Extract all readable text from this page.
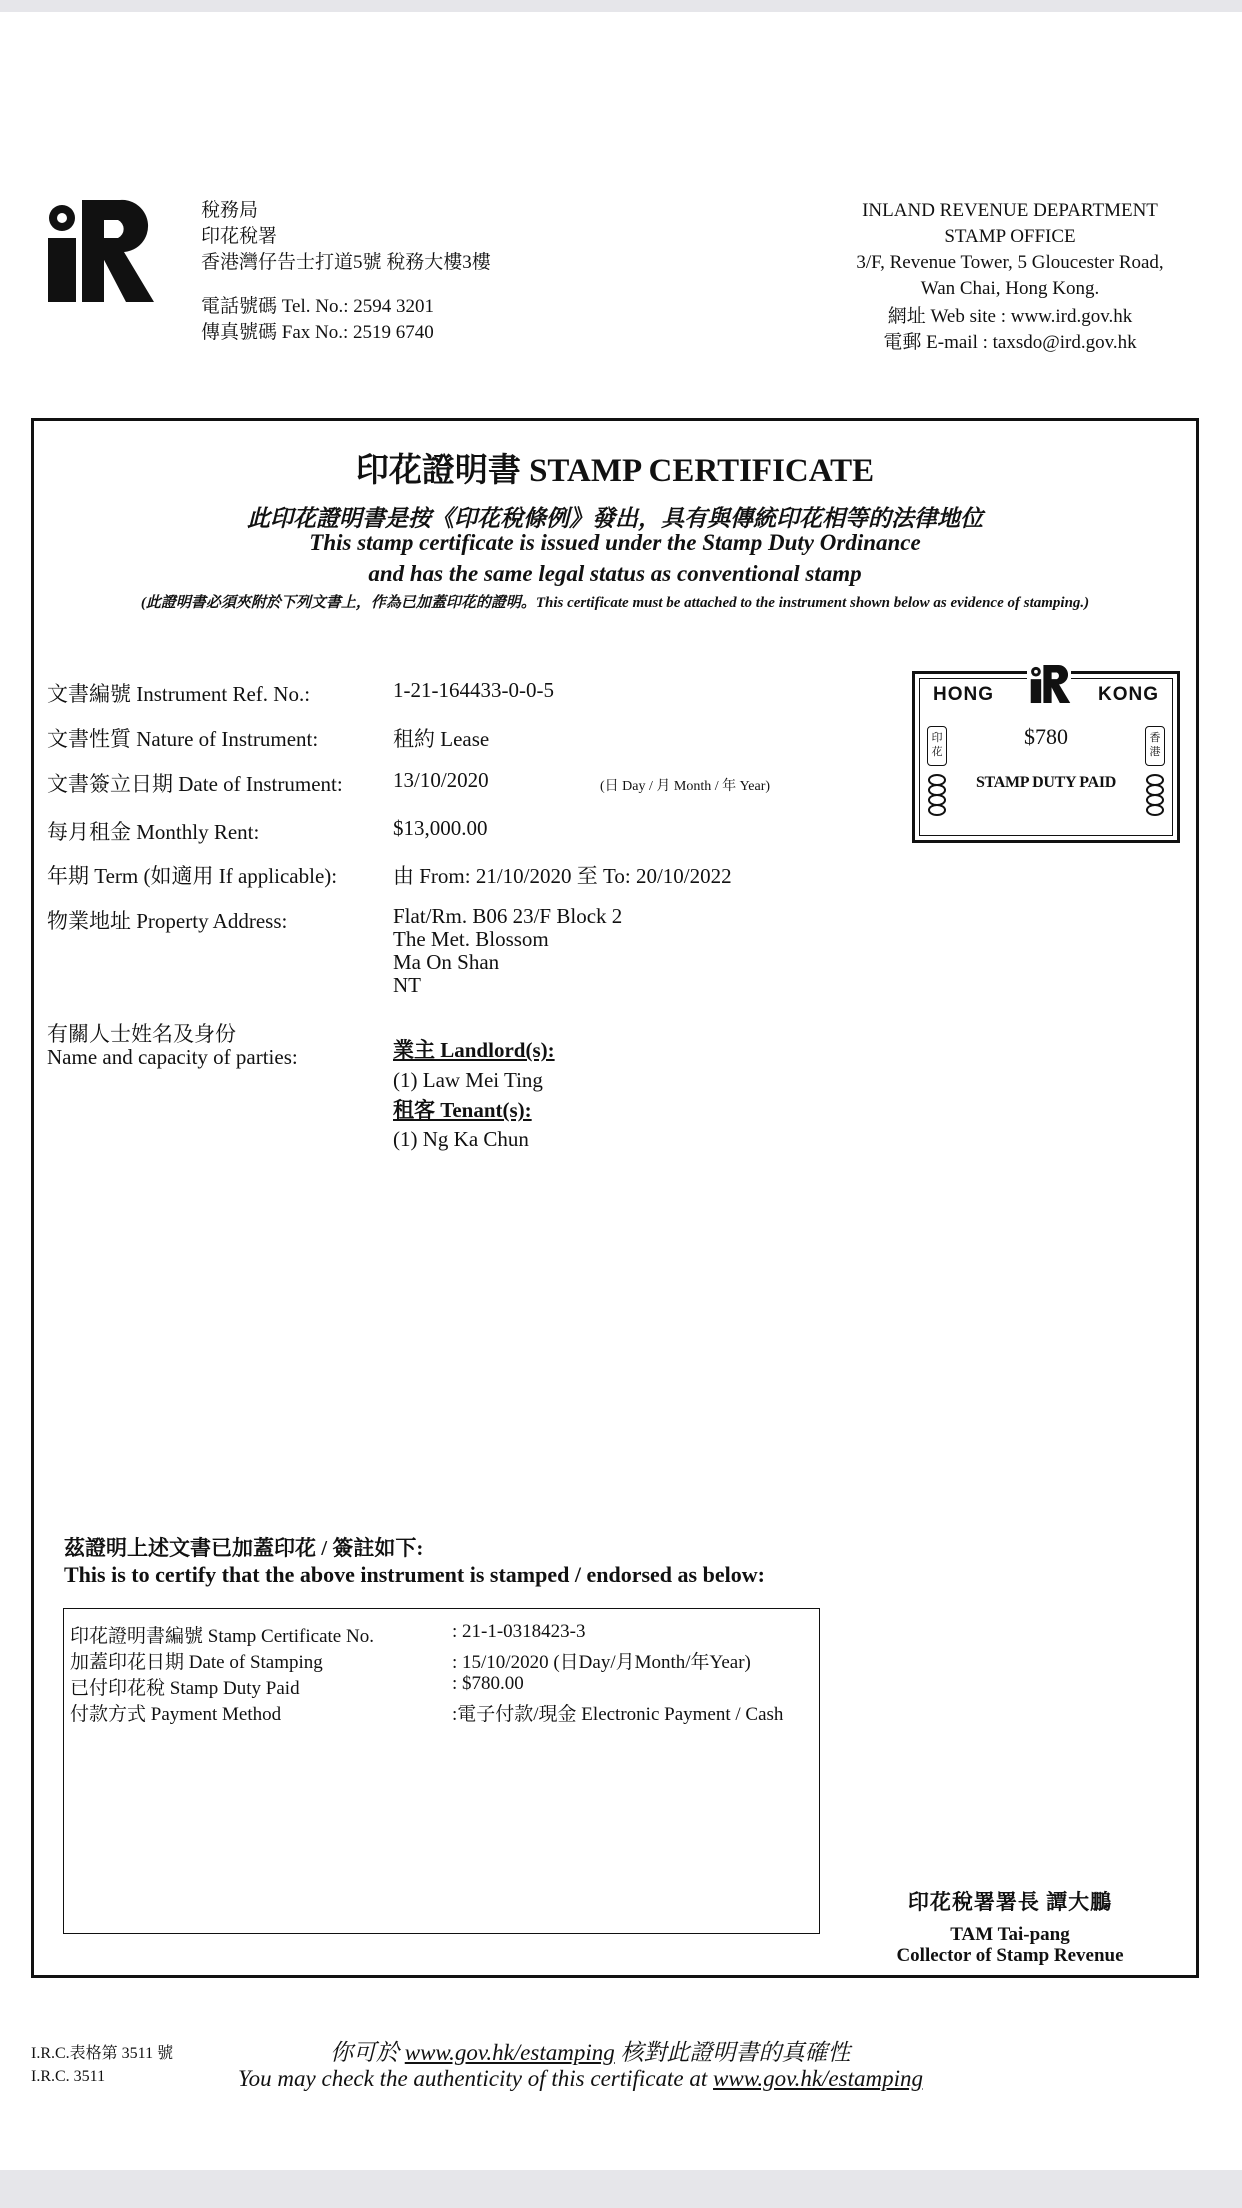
稅務局
印花稅署
香港灣仔告士打道5號 稅務大樓3樓
電話號碼 Tel. No.: 2594 3201
傳真號碼 Fax No.: 2519 6740
INLAND REVENUE DEPARTMENT
STAMP OFFICE
3/F, Revenue Tower, 5 Gloucester Road,
Wan Chai, Hong Kong.
網址 Web site : www.ird.gov.hk
電郵 E-mail : taxsdo@ird.gov.hk
印花證明書 STAMP CERTIFICATE
此印花證明書是按《印花稅條例》發出，具有與傳統印花相等的法律地位
This stamp certificate is issued under the Stamp Duty Ordinance
and has the same legal status as conventional stamp
(此證明書必須夾附於下列文書上，作為已加蓋印花的證明。This certificate must be attached to the instrument shown below as evidence of stamping.)
文書編號 Instrument Ref. No.:	1-21-164433-0-0-5
文書性質 Nature of Instrument:	租約 Lease
文書簽立日期 Date of Instrument: 13/10/2020	(日 Day / 月 Month / 年 Year)
每月租金 Monthly Rent:	$13,000.00
年期 Term (如適用 If applicable):	由 From: 21/10/2020 至 To: 20/10/2022
物業地址 Property Address:	Flat/Rm. B06 23/F Block 2
The Met. Blossom
Ma On Shan
NT
有關人士姓名及身份
Name and capacity of parties:	業主 Landlord(s):
(1) Law Mei Ting
租客 Tenant(s):
(1) Ng Ka Chun
HONG	KONG
印花
香港
$780
STAMP DUTY PAID
茲證明上述文書已加蓋印花 / 簽註如下:
This is to certify that the above instrument is stamped / endorsed as below:
印花證明書編號 Stamp Certificate No.	: 21-1-0318423-3
加蓋印花日期 Date of Stamping	: 15/10/2020 (日Day/月Month/年Year)
已付印花稅 Stamp Duty Paid	: $780.00
付款方式 Payment Method	:電子付款/現金 Electronic Payment / Cash
印花稅署署長 譚大鵬
TAM Tai-pang
Collector of Stamp Revenue
I.R.C.表格第 3511 號
I.R.C. 3511
你可於 www.gov.hk/estamping 核對此證明書的真確性
You may check the authenticity of this certificate at www.gov.hk/estamping
